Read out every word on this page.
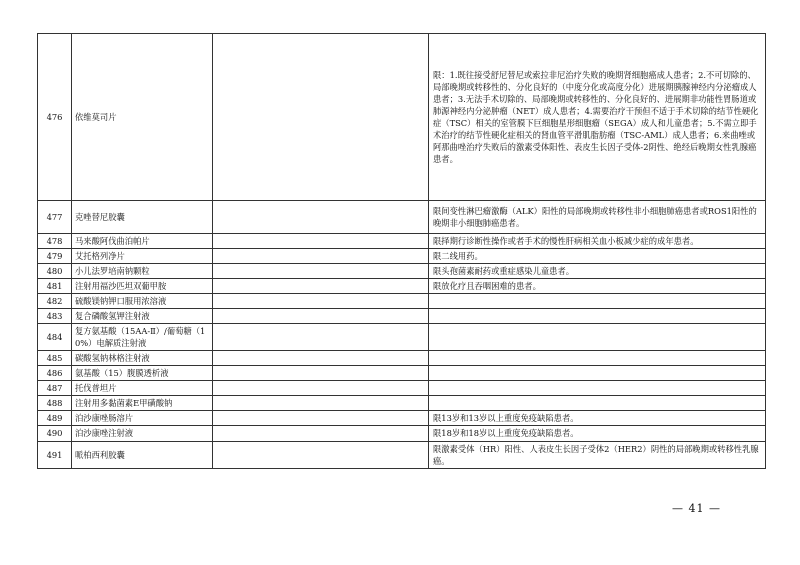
476	依维莫司片		限：1.既往接受舒尼替尼或索拉非尼治疗失败的晚期肾细胞癌成人患者；2.不可切除的、局部晚期或转移性的、分化良好的（中度分化或高度分化）进展期胰腺神经内分泌瘤成人患者；3.无法手术切除的、局部晚期或转移性的、分化良好的、进展期非功能性胃肠道或肺源神经内分泌肿瘤（NET）成人患者；4.需要治疗干预但不适于手术切除的结节性硬化症（TSC）相关的室管膜下巨细胞星形细胞瘤（SEGA）成人和儿童患者；5.不需立即手术治疗的结节性硬化症相关的肾血管平滑肌脂肪瘤（TSC-AML）成人患者；6.来曲唑或阿那曲唑治疗失败后的激素受体阳性、表皮生长因子受体-2阴性、绝经后晚期女性乳腺癌患者。
477	克唑替尼胶囊		限间变性淋巴瘤激酶（ALK）阳性的局部晚期或转移性非小细胞肺癌患者或ROS1阳性的晚期非小细胞肺癌患者。
478	马来酸阿伐曲泊帕片		限择期行诊断性操作或者手术的慢性肝病相关血小板减少症的成年患者。
479	艾托格列净片		限二线用药。
480	小儿法罗培南钠颗粒		限头孢菌素耐药或重症感染儿童患者。
481	注射用福沙匹坦双葡甲胺		限放化疗且吞咽困难的患者。
482	硫酸镁钠钾口服用浓溶液		
483	复合磷酸氢钾注射液		
484	复方氨基酸（15AA-Ⅱ）/葡萄糖（10%）电解质注射液		
485	碳酸氢钠林格注射液		
486	氨基酸（15）腹膜透析液		
487	托伐普坦片		
488	注射用多黏菌素E甲磺酸钠		
489	泊沙康唑肠溶片		限13岁和13岁以上重度免疫缺陷患者。
490	泊沙康唑注射液		限18岁和18岁以上重度免疫缺陷患者。
491	哌柏西利胶囊		限激素受体（HR）阳性、人表皮生长因子受体2（HER2）阴性的局部晚期或转移性乳腺癌。
— 41 —
